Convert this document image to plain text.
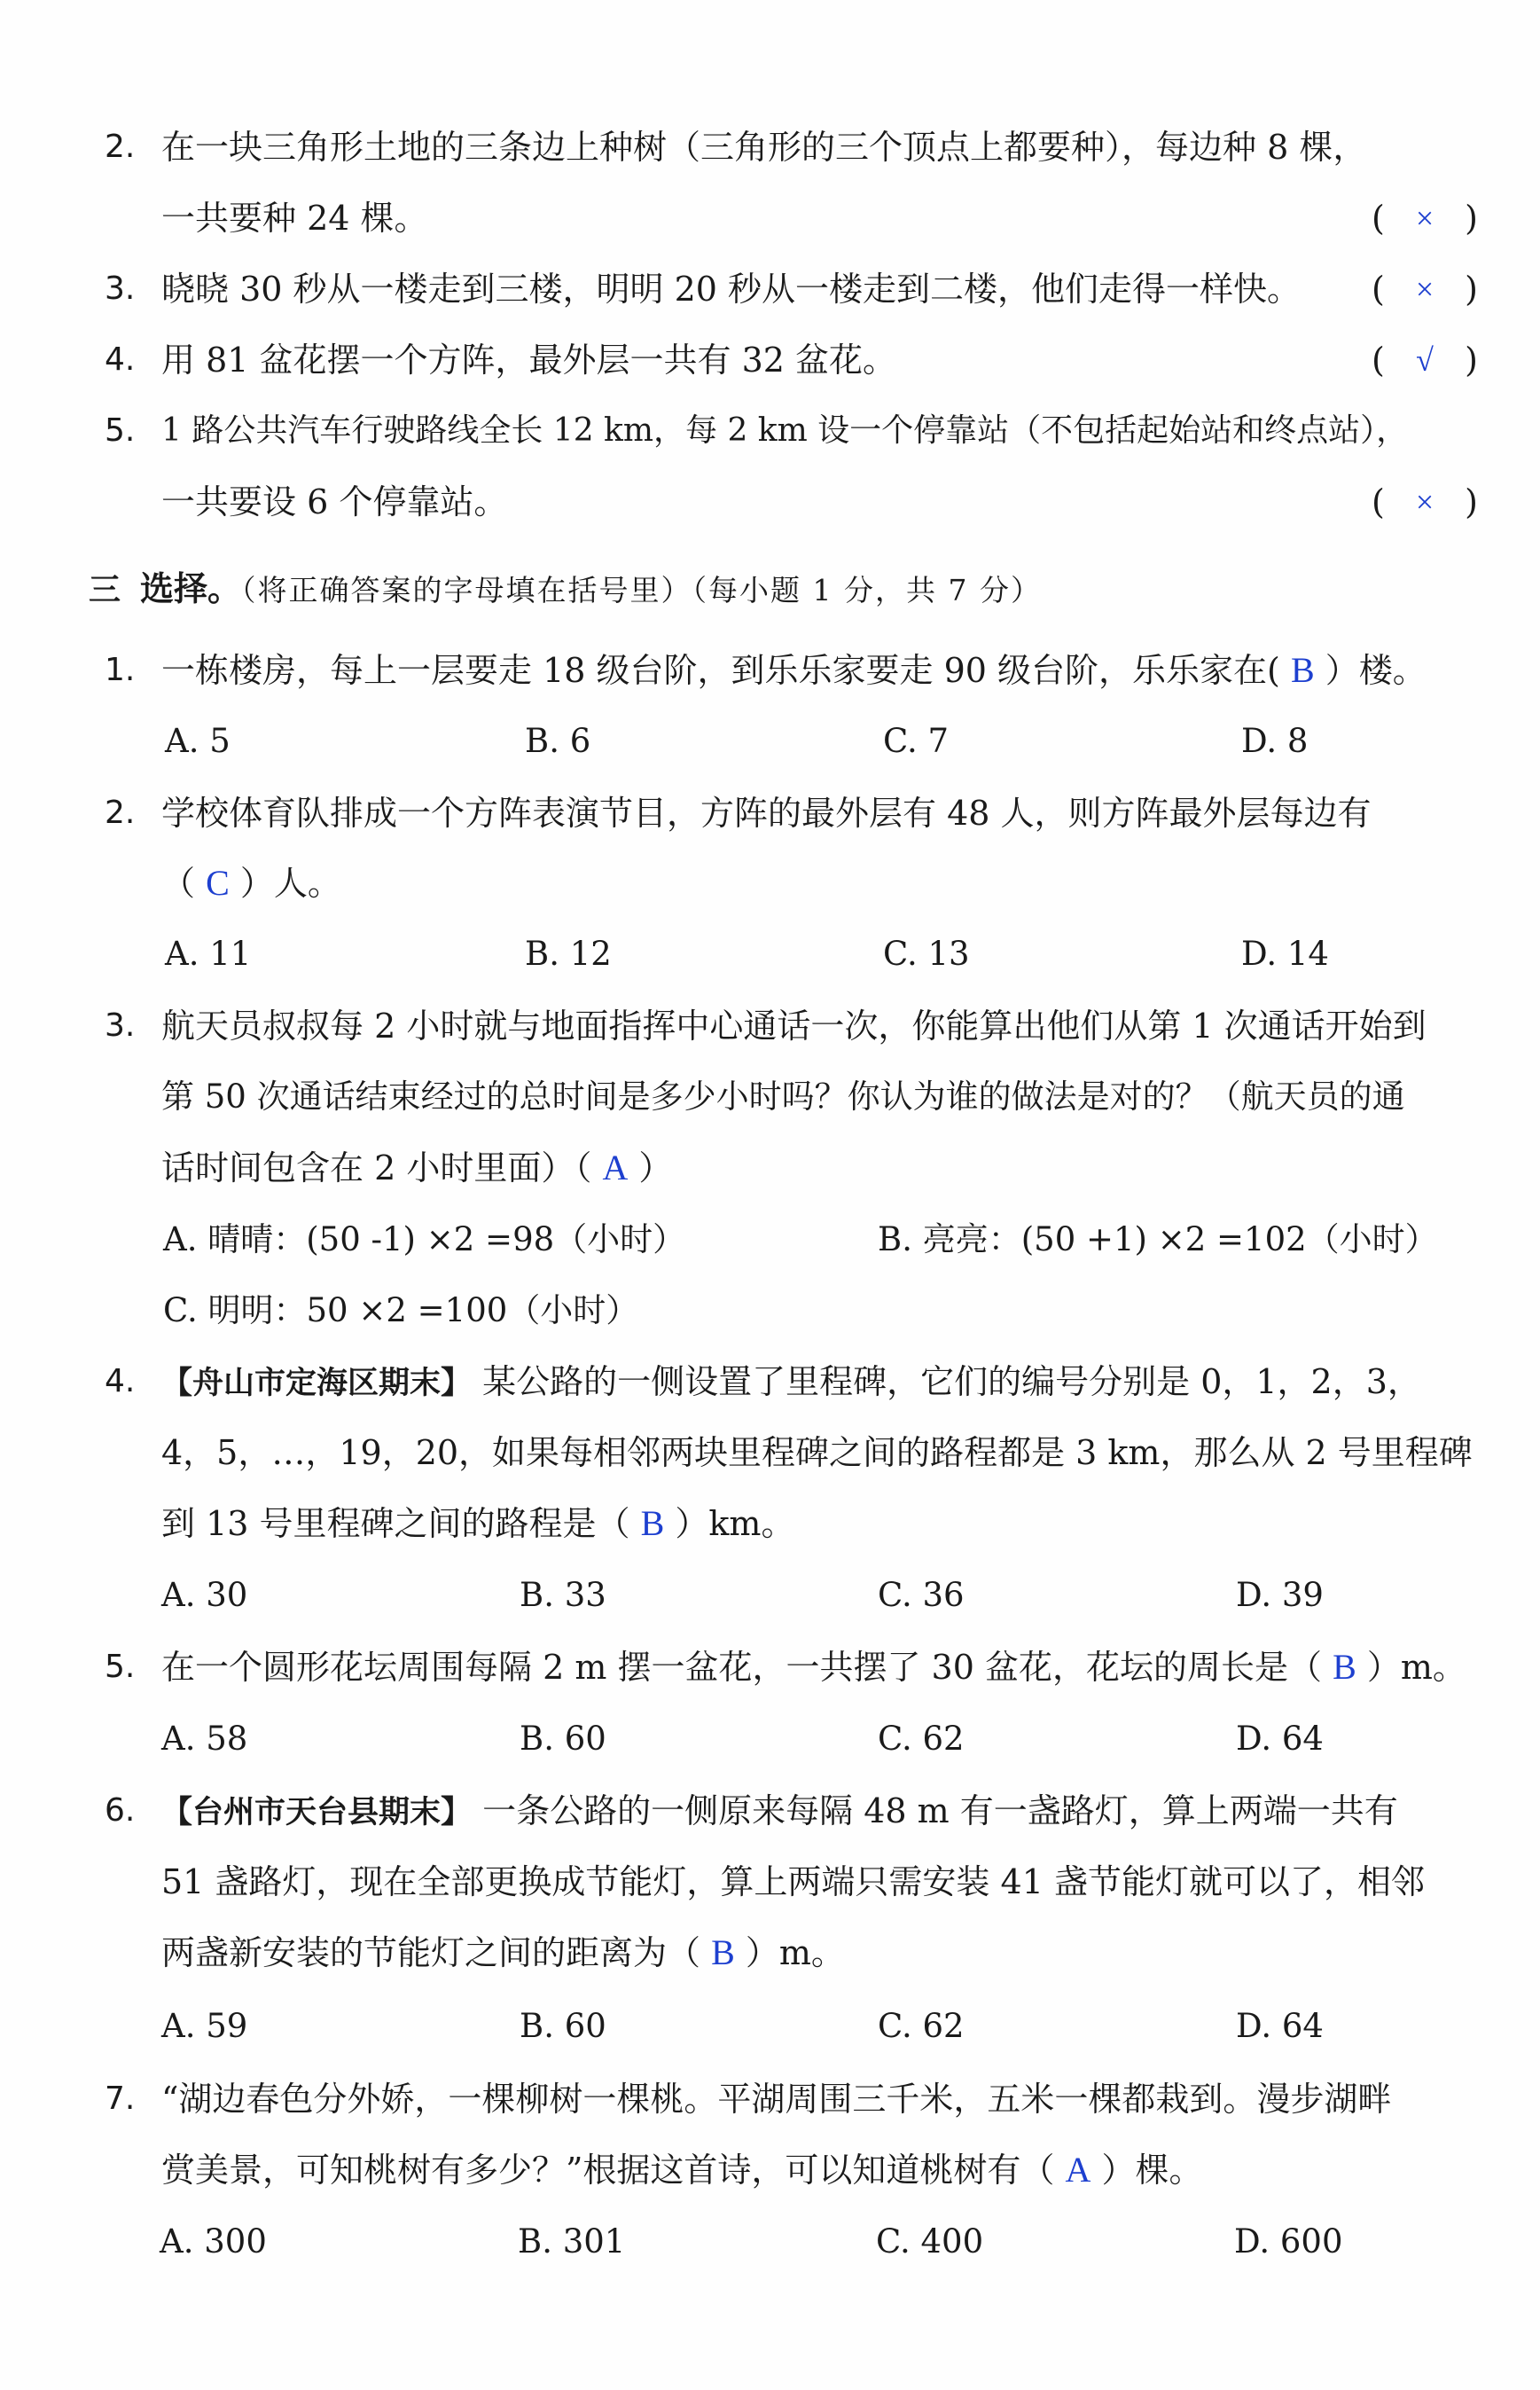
2. 在一块三角形土地的三条边上种树（三角形的三个顶点上都要种），每边种 8 棵，
一共要种 24 棵。	( × )
3. 晓晓 30 秒从一楼走到三楼，明明 20 秒从一楼走到二楼，他们走得一样快。	( × )
4. 用 81 盆花摆一个方阵，最外层一共有 32 盆花。	( √ )
5. 1 路公共汽车行驶路线全长 12 km，每 2 km 设一个停靠站（不包括起始站和终点站），
一共要设 6 个停靠站。	( × )
三 选择。（将正确答案的字母填在括号里）（每小题 1 分，共 7 分）
1. 一栋楼房，每上一层要走 18 级台阶，到乐乐家要走 90 级台阶，乐乐家在( B ）楼。
A. 5	B. 6	C. 7	D. 8
2. 学校体育队排成一个方阵表演节目，方阵的最外层有 48 人，则方阵最外层每边有
（ C ）人。
A. 11	B. 12	C. 13	D. 14
3. 航天员叔叔每 2 小时就与地面指挥中心通话一次，你能算出他们从第 1 次通话开始到
第 50 次通话结束经过的总时间是多少小时吗？你认为谁的做法是对的？（航天员的通
话时间包含在 2 小时里面）（ A ）
A. 晴晴：(50 -1) ×2 =98（小时）	B. 亮亮：(50 +1) ×2 =102（小时）
C. 明明：50 ×2 =100（小时）
4. 【舟山市定海区期末】 某公路的一侧设置了里程碑，它们的编号分别是 0，1，2，3，
4，5，…，19，20，如果每相邻两块里程碑之间的路程都是 3 km，那么从 2 号里程碑
到 13 号里程碑之间的路程是（ B ）km。
A. 30	B. 33	C. 36	D. 39
5. 在一个圆形花坛周围每隔 2 m 摆一盆花，一共摆了 30 盆花，花坛的周长是（ B ）m。
A. 58	B. 60	C. 62	D. 64
6. 【台州市天台县期末】 一条公路的一侧原来每隔 48 m 有一盏路灯，算上两端一共有
51 盏路灯，现在全部更换成节能灯，算上两端只需安装 41 盏节能灯就可以了，相邻
两盏新安装的节能灯之间的距离为（ B ）m。
A. 59	B. 60	C. 62	D. 64
7. “湖边春色分外娇，一棵柳树一棵桃。平湖周围三千米，五米一棵都栽到。漫步湖畔
赏美景，可知桃树有多少？”根据这首诗，可以知道桃树有（ A ）棵。
A. 300	B. 301	C. 400	D. 600
